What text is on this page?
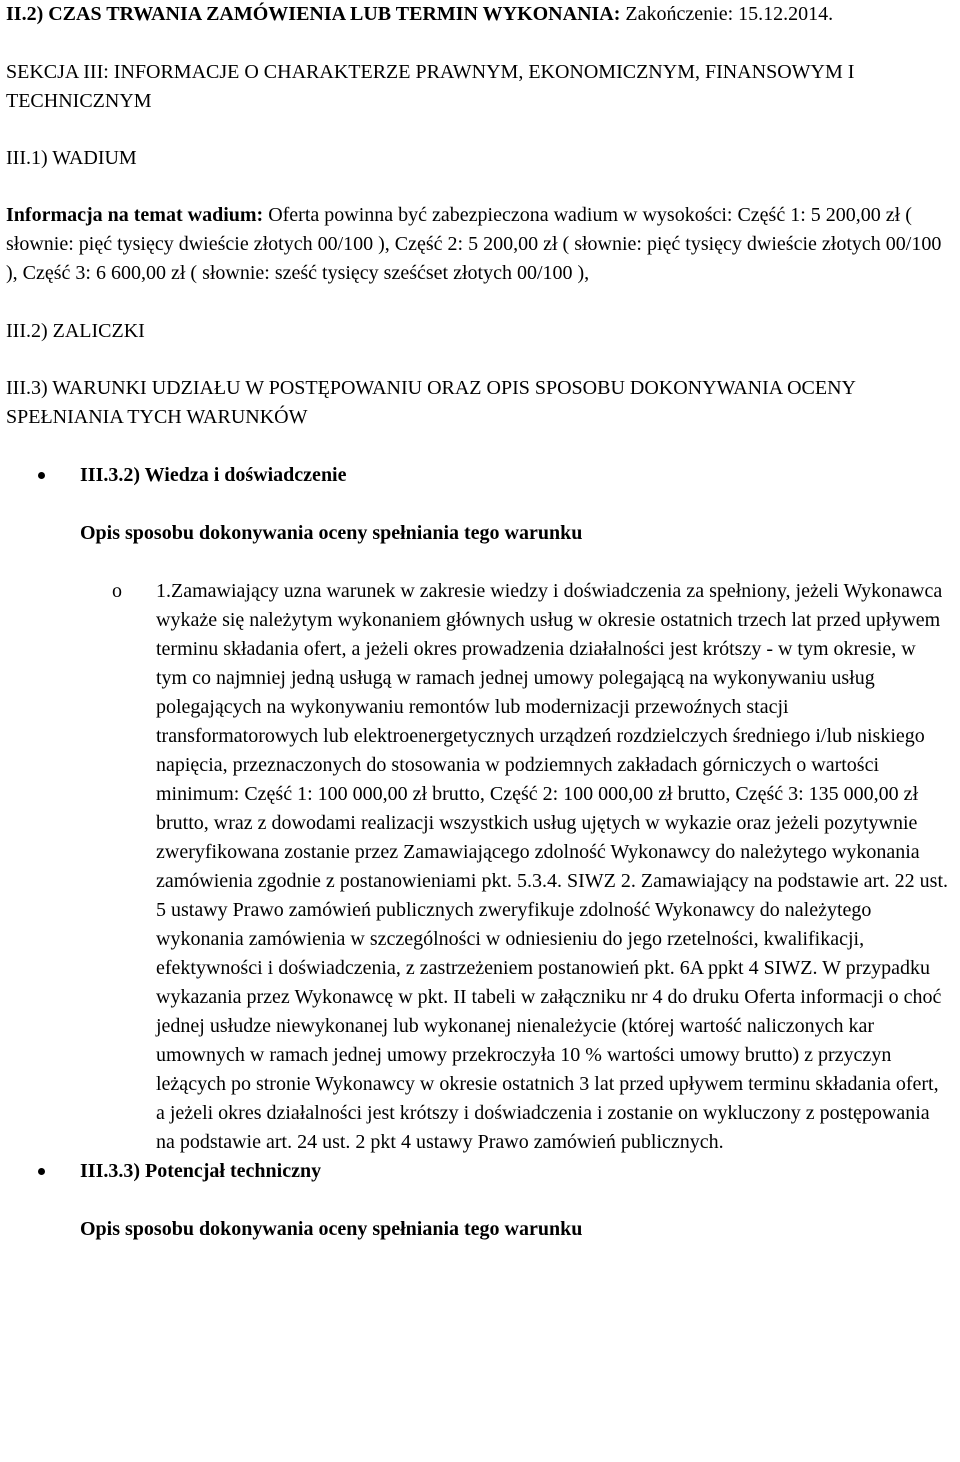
II.2) CZAS TRWANIA ZAMÓWIENIA LUB TERMIN WYKONANIA: Zakończenie: 15.12.2014.

SEKCJA III: INFORMACJE O CHARAKTERZE PRAWNYM, EKONOMICZNYM, FINANSOWYM I TECHNICZNYM

III.1) WADIUM

Informacja na temat wadium: Oferta powinna być zabezpieczona wadium w wysokości: Część 1: 5 200,00 zł ( słownie: pięć tysięcy dwieście złotych 00/100 ), Część 2: 5 200,00 zł ( słownie: pięć tysięcy dwieście złotych 00/100 ), Część 3: 6 600,00 zł ( słownie: sześć tysięcy sześćset złotych 00/100 ),

III.2) ZALICZKI

III.3) WARUNKI UDZIAŁU W POSTĘPOWANIU ORAZ OPIS SPOSOBU DOKONYWANIA OCENY SPEŁNIANIA TYCH WARUNKÓW

III.3.2) Wiedza i doświadczenie
Opis sposobu dokonywania oceny spełniania tego warunku
o 1.Zamawiający uzna warunek w zakresie wiedzy i doświadczenia za spełniony, jeżeli Wykonawca wykaże się należytym wykonaniem głównych usług w okresie ostatnich trzech lat przed upływem terminu składania ofert, a jeżeli okres prowadzenia działalności jest krótszy - w tym okresie, w tym co najmniej jedną usługą w ramach jednej umowy polegającą na wykonywaniu usług polegających na wykonywaniu remontów lub modernizacji przewoźnych stacji transformatorowych lub elektroenergetycznych urządzeń rozdzielczych średniego i/lub niskiego napięcia, przeznaczonych do stosowania w podziemnych zakładach górniczych o wartości minimum: Część 1: 100 000,00 zł brutto, Część 2: 100 000,00 zł brutto, Część 3: 135 000,00 zł brutto, wraz z dowodami realizacji wszystkich usług ujętych w wykazie oraz jeżeli pozytywnie zweryfikowana zostanie przez Zamawiającego zdolność Wykonawcy do należytego wykonania zamówienia zgodnie z postanowieniami pkt. 5.3.4. SIWZ 2. Zamawiający na podstawie art. 22 ust. 5 ustawy Prawo zamówień publicznych zweryfikuje zdolność Wykonawcy do należytego wykonania zamówienia w szczególności w odniesieniu do jego rzetelności, kwalifikacji, efektywności i doświadczenia, z zastrzeżeniem postanowień pkt. 6A ppkt 4 SIWZ. W przypadku wykazania przez Wykonawcę w pkt. II tabeli w załączniku nr 4 do druku Oferta informacji o choć jednej usłudze niewykonanej lub wykonanej nienależycie (której wartość naliczonych kar umownych w ramach jednej umowy przekroczyła 10 % wartości umowy brutto) z przyczyn leżących po stronie Wykonawcy w okresie ostatnich 3 lat przed upływem terminu składania ofert, a jeżeli okres działalności jest krótszy i doświadczenia i zostanie on wykluczony z postępowania na podstawie art. 24 ust. 2 pkt 4 ustawy Prawo zamówień publicznych.
III.3.3) Potencjał techniczny
Opis sposobu dokonywania oceny spełniania tego warunku
